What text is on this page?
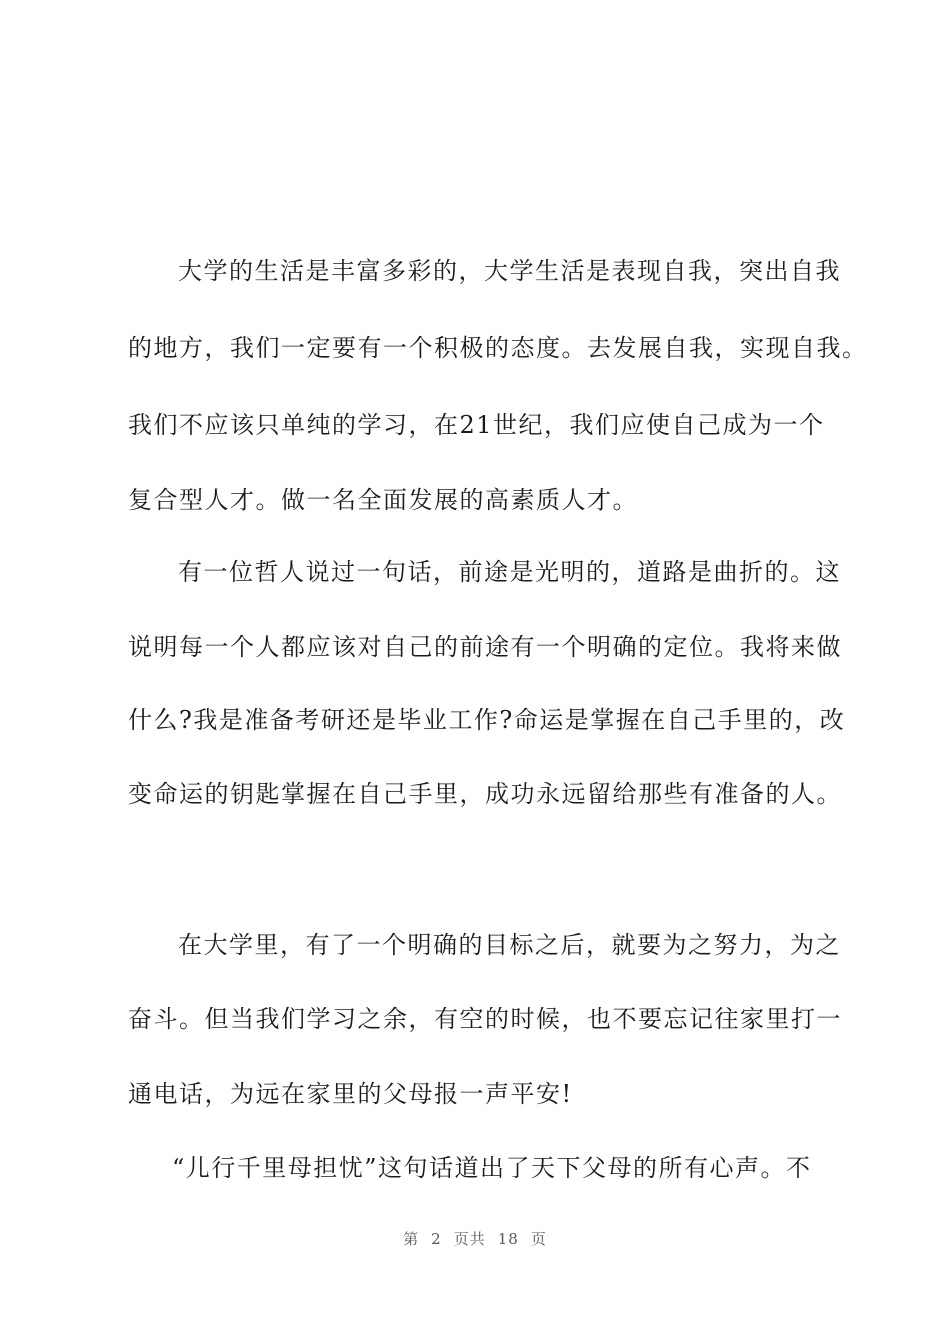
大学的生活是丰富多彩的，大学生活是表现自我，突出自我
的地方，我们一定要有一个积极的态度。去发展自我，实现自我。
我们不应该只单纯的学习，在21世纪，我们应使自己成为一个
复合型人才。做一名全面发展的高素质人才。
有一位哲人说过一句话，前途是光明的，道路是曲折的。这
说明每一个人都应该对自己的前途有一个明确的定位。我将来做
什么?我是准备考研还是毕业工作?命运是掌握在自己手里的，改
变命运的钥匙掌握在自己手里，成功永远留给那些有准备的人。
在大学里，有了一个明确的目标之后，就要为之努力，为之
奋斗。但当我们学习之余，有空的时候，也不要忘记往家里打一
通电话，为远在家里的父母报一声平安!
“儿行千里母担忧”这句话道出了天下父母的所有心声。不
第 2 页共 18 页
